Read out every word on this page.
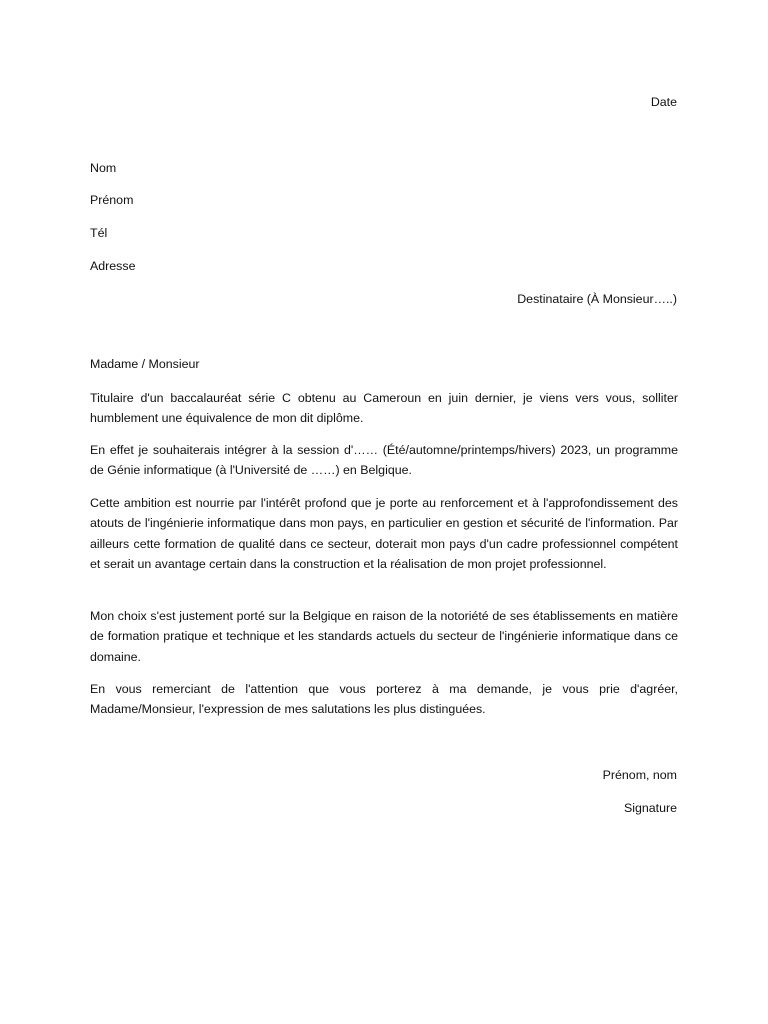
Date
Nom
Prénom
Tél
Adresse
Destinataire (À Monsieur…..)
Madame / Monsieur
Titulaire d'un baccalauréat série C obtenu au Cameroun en juin dernier, je viens vers vous, solliter humblement une équivalence de mon dit diplôme.
En effet je souhaiterais intégrer à la session d'…… (Été/automne/printemps/hivers) 2023, un programme de Génie informatique (à l'Université de ……) en Belgique.
Cette ambition est nourrie par l'intérêt profond que je porte au renforcement et à l'approfondissement des atouts de l'ingénierie informatique dans mon pays, en particulier en gestion et sécurité de l'information. Par ailleurs cette formation de qualité dans ce secteur, doterait mon pays d'un cadre professionnel compétent et serait un avantage certain dans la construction et la réalisation de mon projet professionnel.
Mon choix s'est justement porté sur la Belgique en raison de la notoriété de ses établissements en matière de formation pratique et technique et les standards actuels du secteur de l'ingénierie informatique dans ce domaine.
En vous remerciant de l'attention que vous porterez à ma demande, je vous prie d'agréer, Madame/Monsieur, l'expression de mes salutations les plus distinguées.
Prénom, nom
Signature
